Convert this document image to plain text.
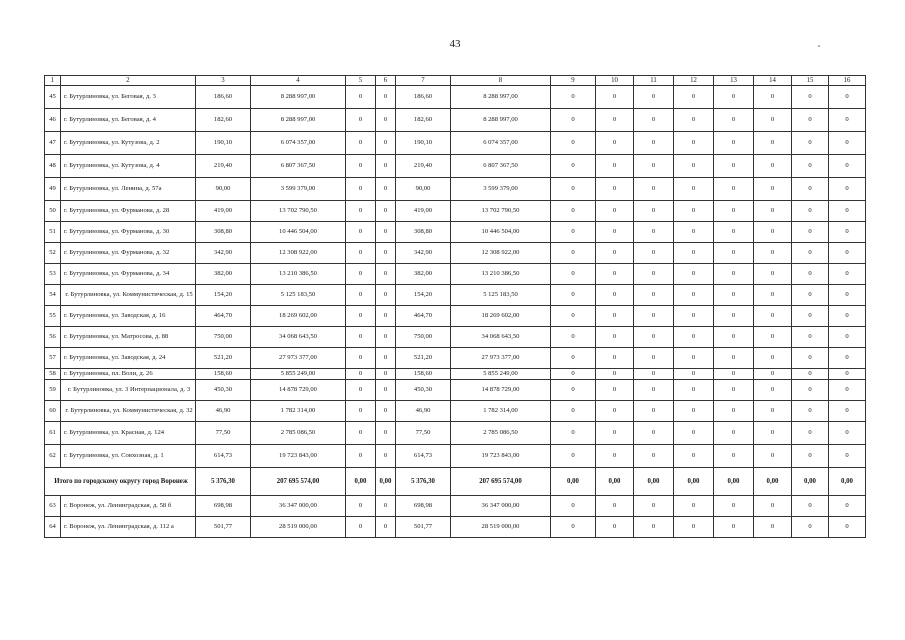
43
1	2	3	4	5	6	7	8	9	10	11	12	13	14	15	16
45	г. Бутурлиновка, ул. Беговая, д. 3	186,60	8 288 997,00	0	0	186,60	8 288 997,00	0	0	0	0	0	0	0	0
46	г. Бутурлиновка, ул. Беговая, д. 4	182,60	8 288 997,00	0	0	182,60	8 288 997,00	0	0	0	0	0	0	0	0
47	г. Бутурлиновка, ул. Кутузова, д. 2	190,10	6 074 357,00	0	0	190,10	6 074 357,00	0	0	0	0	0	0	0	0
48	г. Бутурлиновка, ул. Кутузова, д. 4	219,40	6 807 367,50	0	0	219,40	6 807 367,50	0	0	0	0	0	0	0	0
49	г. Бутурлиновка, ул. Ленина, д. 57а	90,00	3 599 379,00	0	0	90,00	3 599 379,00	0	0	0	0	0	0	0	0
50	г. Бутурлиновка, ул. Фурманова, д. 28	419,00	13 702 790,50	0	0	419,00	13 702 790,50	0	0	0	0	0	0	0	0
51	г. Бутурлиновка, ул. Фурманова, д. 30	308,80	10 446 504,00	0	0	308,80	10 446 504,00	0	0	0	0	0	0	0	0
52	г. Бутурлиновка, ул. Фурманова, д. 32	342,90	12 308 922,00	0	0	342,90	12 308 922,00	0	0	0	0	0	0	0	0
53	г. Бутурлиновка, ул. Фурманова, д. 34	382,00	13 210 386,50	0	0	382,00	13 210 386,50	0	0	0	0	0	0	0	0
54	г. Бутурлиновка, ул. Коммунистическая, д. 15	154,20	5 125 183,50	0	0	154,20	5 125 183,50	0	0	0	0	0	0	0	0
55	г. Бутурлиновка, ул. Заводская, д. 16	464,70	18 269 602,00	0	0	464,70	18 269 602,00	0	0	0	0	0	0	0	0
56	г. Бутурлиновка, ул. Матросова, д. 88	750,00	34 068 643,50	0	0	750,00	34 068 643,50	0	0	0	0	0	0	0	0
57	г. Бутурлиновка, ул. Заводская, д. 24	521,20	27 973 377,00	0	0	521,20	27 973 377,00	0	0	0	0	0	0	0	0
58	г. Бутурлиновка, пл. Воли, д. 26	158,60	5 855 249,00	0	0	158,60	5 855 249,00	0	0	0	0	0	0	0	0
59	г. Бутурлиновка, ул. 3 Интернационала, д. 3	450,30	14 878 729,00	0	0	450,30	14 878 729,00	0	0	0	0	0	0	0	0
60	г. Бутурлиновка, ул. Коммунистическая, д. 32	46,90	1 782 314,00	0	0	46,90	1 782 314,00	0	0	0	0	0	0	0	0
61	г. Бутурлиновка, ул. Красная, д. 124	77,50	2 785 086,50	0	0	77,50	2 785 086,50	0	0	0	0	0	0	0	0
62	г. Бутурлиновка, ул. Совхозная, д. 1	614,73	19 723 843,00	0	0	614,73	19 723 843,00	0	0	0	0	0	0	0	0
Итого по городскому округу город Воронеж		5 376,30	207 695 574,00	0,00	0,00	5 376,30	207 695 574,00	0,00	0,00	0,00	0,00	0,00	0,00	0,00	0,00
63	г. Воронеж, ул. Ленинградская, д. 58 б	698,98	36 347 000,00	0	0	698,98	36 347 000,00	0	0	0	0	0	0	0	0
64	г. Воронеж, ул. Ленинградская, д. 112 а	501,77	28 519 000,00	0	0	501,77	28 519 000,00	0	0	0	0	0	0	0	0
